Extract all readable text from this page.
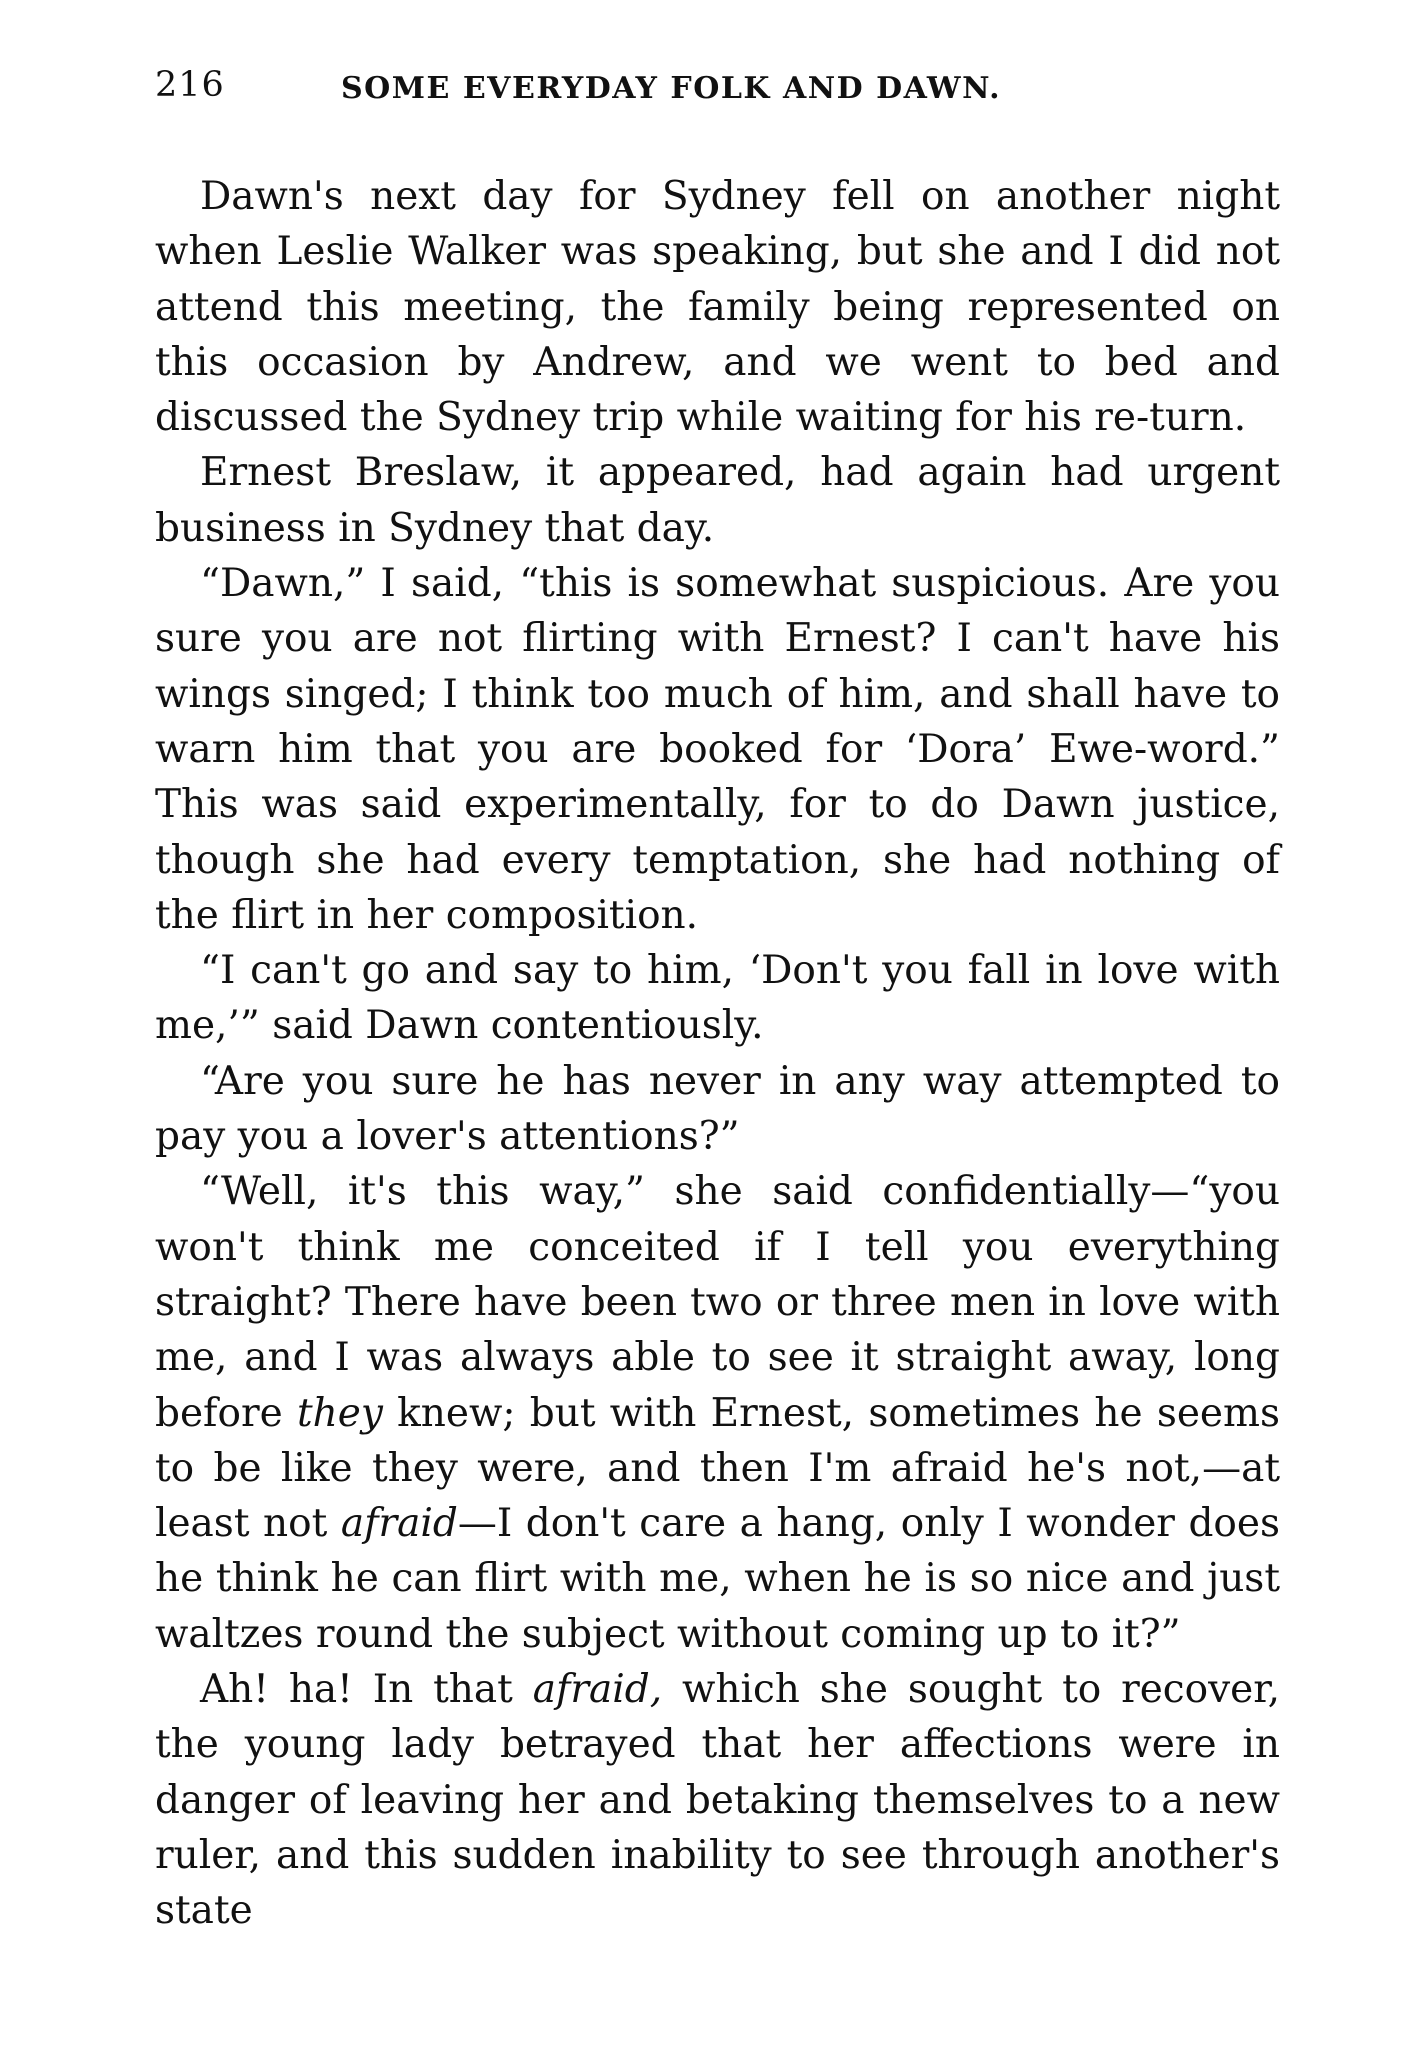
216	SOME EVERYDAY FOLK AND DAWN.

Dawn's next day for Sydney fell on another night when Leslie Walker was speaking, but she and I did not attend this meeting, the family being represented on this occasion by Andrew, and we went to bed and discussed the Sydney trip while waiting for his re-turn.

Ernest Breslaw, it appeared, had again had urgent business in Sydney that day.

“Dawn,” I said, “this is somewhat suspicious. Are you sure you are not flirting with Ernest? I can't have his wings singed; I think too much of him, and shall have to warn him that you are booked for ‘Dora’ Ewe-word.” This was said experimentally, for to do Dawn justice, though she had every temptation, she had nothing of the flirt in her composition.

“I can't go and say to him, ‘Don't you fall in love with me,’” said Dawn contentiously.

“Are you sure he has never in any way attempted to pay you a lover's attentions?”

“Well, it's this way,” she said confidentially—“you won't think me conceited if I tell you everything straight? There have been two or three men in love with me, and I was always able to see it straight away, long before they knew; but with Ernest, sometimes he seems to be like they were, and then I'm afraid he's not,—at least not afraid—I don't care a hang, only I wonder does he think he can flirt with me, when he is so nice and just waltzes round the subject without coming up to it?”

Ah! ha! In that afraid, which she sought to recover, the young lady betrayed that her affections were in danger of leaving her and betaking themselves to a new ruler, and this sudden inability to see through another's state
